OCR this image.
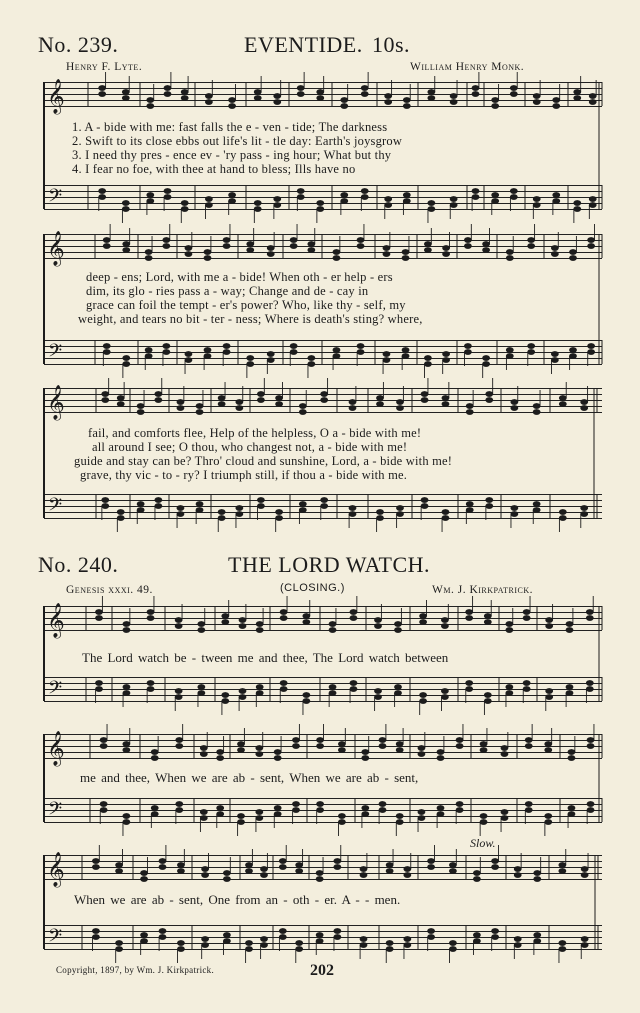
No. 239.	EVENTIDE. 10s.
Henry F. Lyte.	William Henry Monk.
1. A - bide with me: fast falls the e - ven - tide; The darkness
2. Swift to its close ebbs out life's lit - tle day: Earth's joysgrow
3. I need thy pres - ence ev - 'ry pass - ing hour; What but thy
4. I fear no foe, with thee at hand to bless; Ills have no
deep - ens; Lord, with me a - bide! When oth - er help - ers
dim, its glo - ries pass a - way; Change and de - cay in
grace can foil the tempt - er's power? Who, like thy - self, my
weight, and tears no bit - ter - ness; Where is death's sting? where,
fail, and comforts flee, Help of the helpless, O a - bide with me!
all around I see; O thou, who changest not, a - bide with me!
guide and stay can be? Thro' cloud and sunshine, Lord, a - bide with me!
grave, thy vic - to - ry? I triumph still, if thou a - bide with me.
No. 240.	THE LORD WATCH.
Genesis xxxi. 49.	(CLOSING.)	Wm. J. Kirkpatrick.
The Lord watch be - tween me and thee, The Lord watch between
me and thee, When we are ab - sent, When we are ab - sent,
Slow.
When we are ab - sent, One from an - oth - er. A - - men.
Copyright, 1897, by Wm. J. Kirkpatrick.	202
𝄞
𝄢
𝄞
𝄢
𝄞
𝄢
𝄞
𝄢
𝄞
𝄢
𝄞
𝄢
